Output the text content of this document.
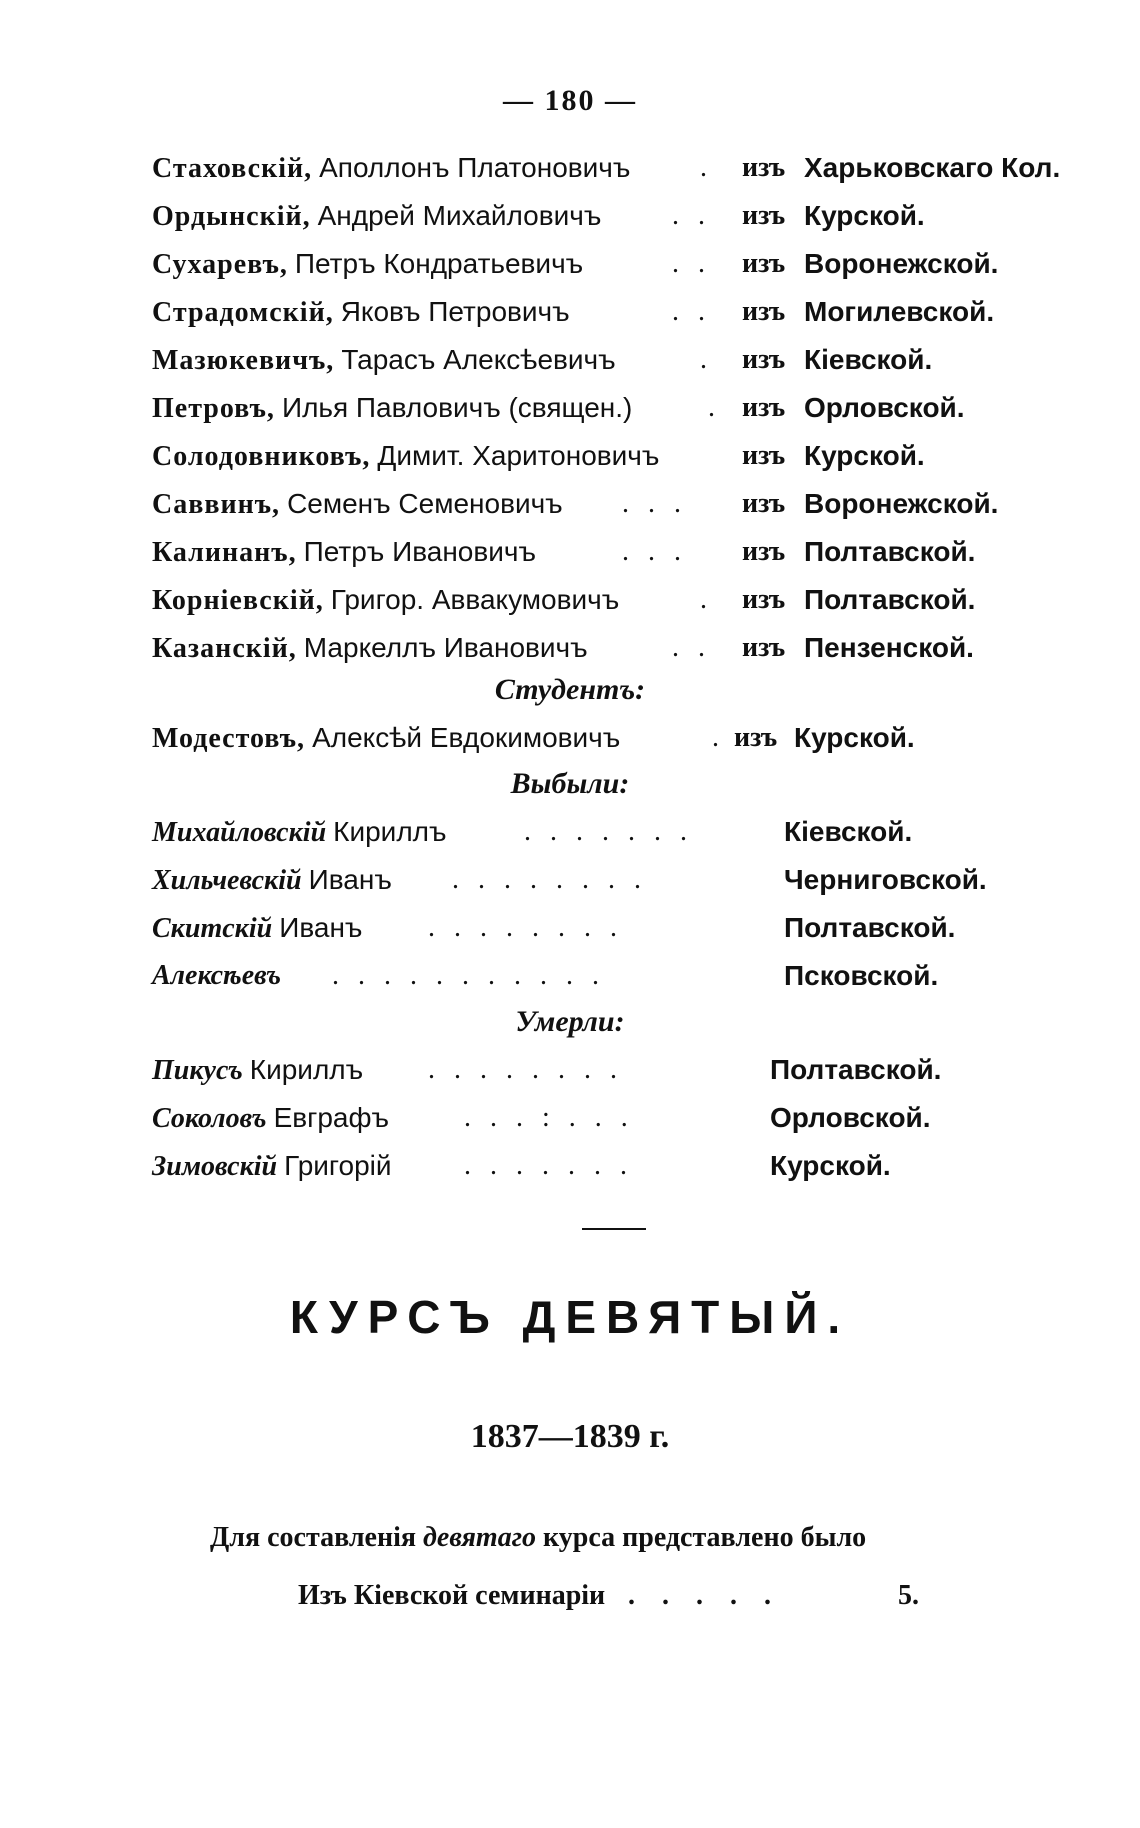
— 180 —
Стаховскій, Аполлонъ Платоновичъ . изъ Харьковскаго Кол.
Ордынскій, Андрей Михайловичъ	. . изъ Курской.
Сухаревъ, Петръ Кондратьевичъ	. . изъ Воронежской.
Страдомскій, Яковъ Петровичъ	. . изъ Могилевской.
Мазюкевичъ, Тарасъ Алексѣевичъ	. изъ Кіевской.
Петровъ, Илья Павловичъ (священ.)	. изъ Орловской.
Солодовниковъ, Димит. Харитоновичъ	изъ Курской.
Саввинъ, Семенъ Семеновичъ . . . изъ Воронежской.
Калинанъ, Петръ Ивановичъ	. . . изъ Полтавской.
Корніевскій, Григор. Аввакумовичъ	. изъ Полтавской.
Казанскій, Маркеллъ Ивановичъ	. . изъ Пензенской.
Студентъ:
Модестовъ, Алексѣй Евдокимовичъ	. изъ Курской.
Выбыли:
Михайловскій Кириллъ	. . . . . . .	Кіевской.
Хильчевскій Иванъ . . . . . . . .	Черниговской.
Скитскій Иванъ . . . . . . . .	Полтавской.
Алексѣевъ . . . . . . . . . . .	Псковской.
Умерли:
Пикусъ Кириллъ . . . . . . . .	Полтавской.
Соколовъ Евграфъ	. . . : . . .	Орловской.
Зимовскій Григорій	. . . . . . .	Курской.
КУРСЪ ДЕВЯТЫЙ.
1837—1839 г.
Для составленія девятаго курса представлено было
Изъ Кіевской семинаріи . . . . .	5.
